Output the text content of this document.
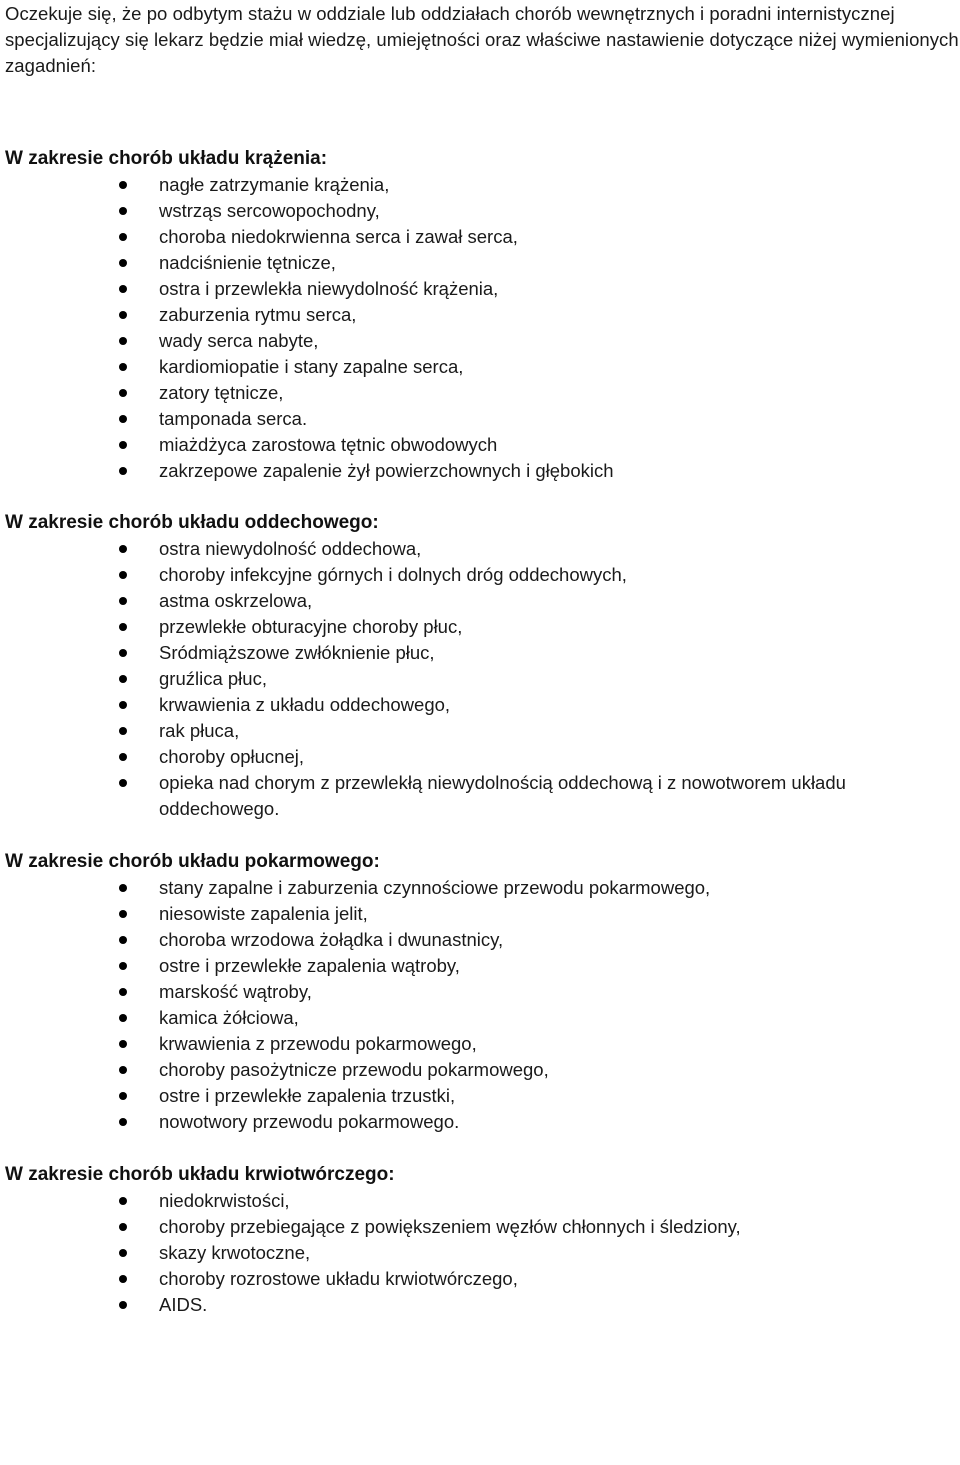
Oczekuje się, że po odbytym stażu w oddziale lub oddziałach chorób wewnętrznych i poradni internistycznej specjalizujący się lekarz będzie miał wiedzę, umiejętności oraz właściwe nastawienie dotyczące niżej wymienionych zagadnień:

W zakresie chorób układu krążenia:
nagłe zatrzymanie krążenia,
wstrząs sercowopochodny,
choroba niedokrwienna serca i zawał serca,
nadciśnienie tętnicze,
ostra i przewlekła niewydolność krążenia,
zaburzenia rytmu serca,
wady serca nabyte,
kardiomiopatie i stany zapalne serca,
zatory tętnicze,
tamponada serca.
miażdżyca zarostowa tętnic obwodowych
zakrzepowe zapalenie żył powierzchownych i głębokich
W zakresie chorób układu oddechowego:
ostra niewydolność oddechowa,
choroby infekcyjne górnych i dolnych dróg oddechowych,
astma oskrzelowa,
przewlekłe obturacyjne choroby płuc,
Sródmiąższowe zwłóknienie płuc,
gruźlica płuc,
krwawienia z układu oddechowego,
rak płuca,
choroby opłucnej,
opieka nad chorym z przewlekłą niewydolnością oddechową i z nowotworem układu oddechowego.
W zakresie chorób układu pokarmowego:
stany zapalne i zaburzenia czynnościowe przewodu pokarmowego,
niesowiste zapalenia jelit,
choroba wrzodowa żołądka i dwunastnicy,
ostre i przewlekłe zapalenia wątroby,
marskość wątroby,
kamica żółciowa,
krwawienia z przewodu pokarmowego,
choroby pasożytnicze przewodu pokarmowego,
ostre i przewlekłe zapalenia trzustki,
nowotwory przewodu pokarmowego.
W zakresie chorób układu krwiotwórczego:
niedokrwistości,
choroby przebiegające z powiększeniem węzłów chłonnych i śledziony,
skazy krwotoczne,
choroby rozrostowe układu krwiotwórczego,
AIDS.
